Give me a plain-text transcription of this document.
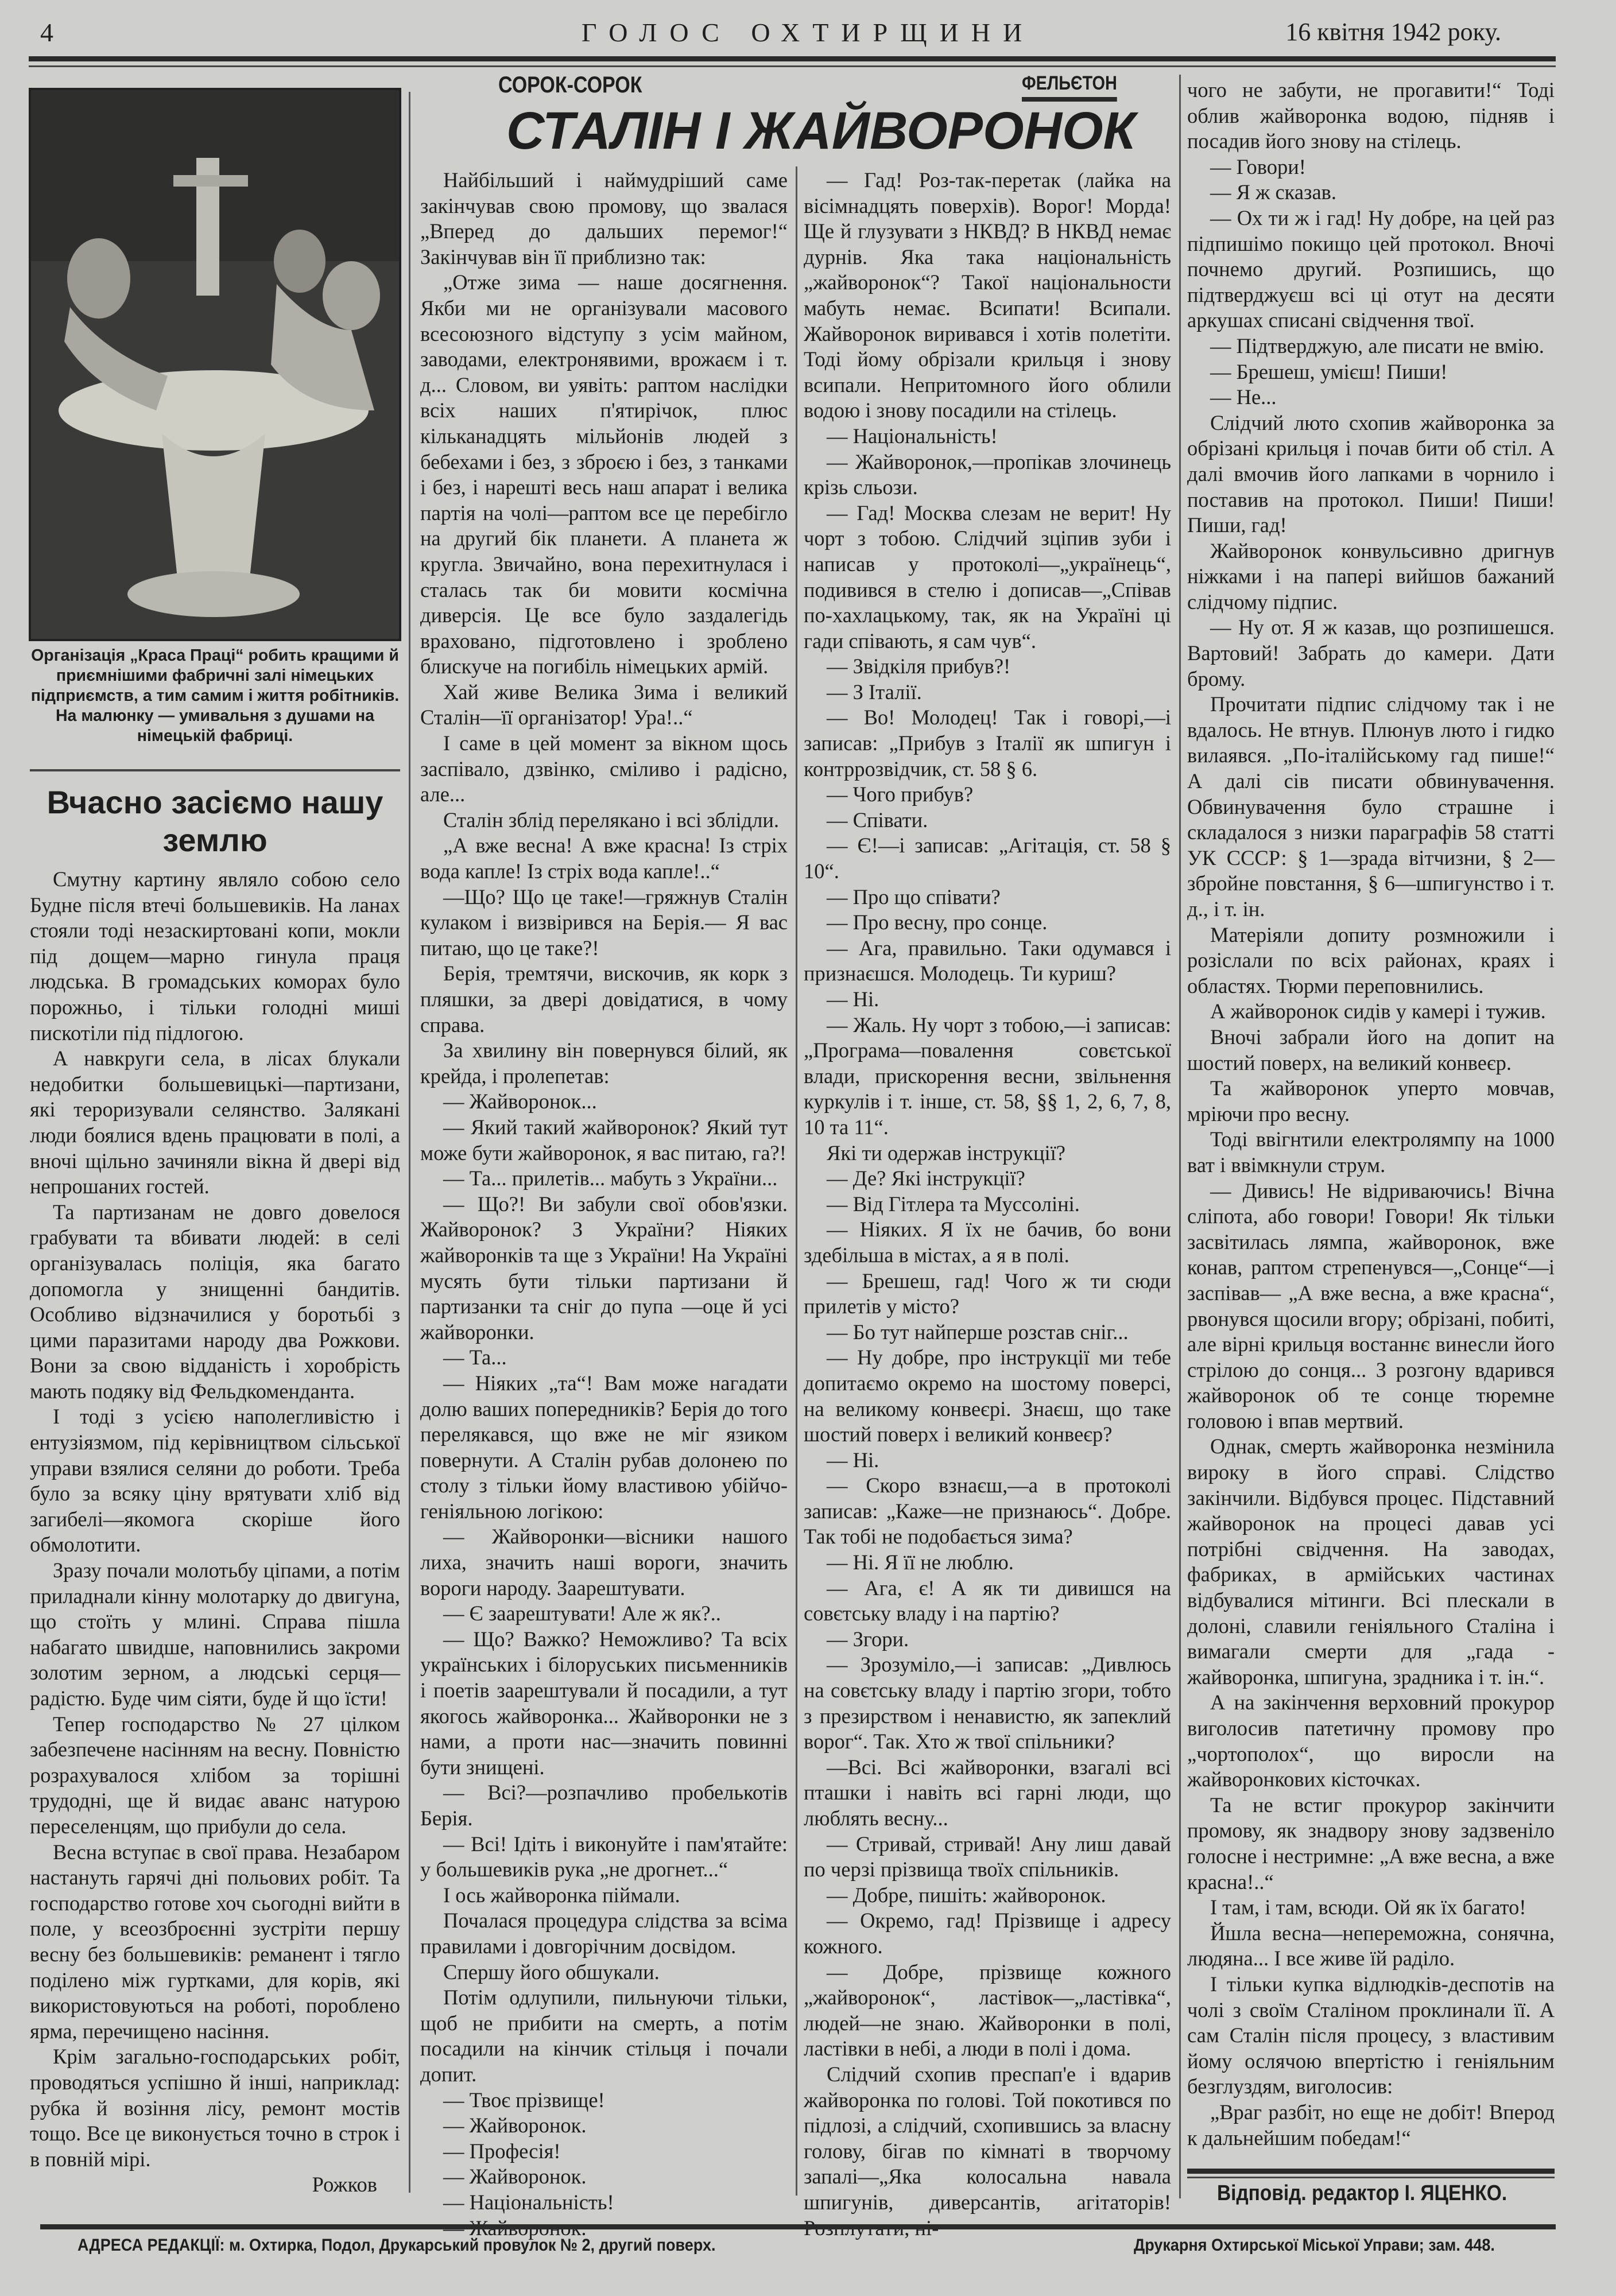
4	ГОЛОС ОХТИРЩИНИ	16 квітня 1942 року.
Організація „Краса Праці“ робить кращими й приємнішими фабричні залі німецьких підприємств, а тим самим і життя робітників. На малюнку — умивальня з душами на німецькій фабриці.
Вчасно засіємо нашу землю

Смутну картину являло собою село Будне після втечі большевиків. На ланах стояли тоді незаскиртовані копи, мокли під дощем—марно гинула праця людська. В громадських коморах було порожньо, і тільки голодні миші пискотіли під підлогою.

А навкруги села, в лісах блукали недобитки большевицькі—партизани, які тероризували селянство. Залякані люди боялися вдень працювати в полі, а вночі щільно зачиняли вікна й двері від непрошаних гостей.

Та партизанам не довго довелося грабувати та вбивати людей: в селі організувалась поліція, яка багато допомогла у знищенні бандитів. Особливо відзначилися у боротьбі з цими паразитами народу два Рожкови. Вони за свою відданість і хоробрість мають подяку від Фельдкоменданта.

І тоді з усією наполегливістю і ентузіязмом, під керівництвом сільської управи взялися селяни до роботи. Треба було за всяку ціну врятувати хліб від загибелі—якомога скоріше його обмолотити.

Зразу почали молотьбу ціпами, а потім приладнали кінну молотарку до двигуна, що стоїть у млині. Справа пішла набагато швидше, наповнились закроми золотим зерном, а людські серця—радістю. Буде чим сіяти, буде й що їсти!

Тепер господарство № 27 цілком забезпечене насінням на весну. Повністю розрахувалося хлібом за торішні трудодні, ще й видає аванс натурою переселенцям, що прибули до села.

Весна вступає в свої права. Незабаром настануть гарячі дні польових робіт. Та господарство готове хоч сьогодні вийти в поле, у всеозброєнні зустріти першу весну без большевиків: реманент і тягло поділено між гуртками, для корів, які використовуються на роботі, пороблено ярма, перечищено насіння.

Крім загально-господарських робіт, проводяться успішно й інші, наприклад: рубка й возіння лісу, ремонт мостів тощо. Все це виконується точно в строк і в повній мірі.

Рожков

СОРОК-СОРОК	ФЕЛЬЄТОН
СТАЛІН І ЖАЙВОРОНОК

Найбільший і наймудріший саме закінчував свою промову, що звалася „Вперед до дальших перемог!“ Закінчував він її приблизно так:

„Отже зима — наше досягнення. Якби ми не організували масового всесоюзного відступу з усім майном, заводами, електронявими, врожаєм і т. д... Словом, ви уявіть: раптом наслідки всіх наших п'ятирічок, плюс кільканадцять мільйонів людей з бебехами і без, з зброєю і без, з танками і без, і нарешті весь наш апарат і велика партія на чолі—раптом все це перебігло на другий бік планети. А планета ж кругла. Звичайно, вона перехитнулася і сталась так би мовити космічна диверсія. Це все було заздалегідь враховано, підготовлено і зроблено блискуче на погибіль німецьких армій.

Хай живе Велика Зима і великий Сталін—її організатор! Ура!..“

І саме в цей момент за вікном щось заспівало, дзвінко, сміливо і радісно, але...

Сталін зблід перелякано і всі зблідли.

„А вже весна! А вже красна! Із стріх вода капле! Із стріх вода капле!..“

—Що? Що це таке!—гряжнув Сталін кулаком і визвірився на Берія.— Я вас питаю, що це таке?!

Берія, тремтячи, вискочив, як корк з пляшки, за двері довідатися, в чому справа.

За хвилину він повернувся білий, як крейда, і пролепетав:

— Жайворонок...

— Який такий жайворонок? Який тут може бути жайворонок, я вас питаю, га?!

— Та... прилетів... мабуть з України...

— Що?! Ви забули свої обов'язки. Жайворонок? З України? Ніяких жайворонків та ще з України! На Україні мусять бути тільки партизани й партизанки та сніг до пупа —оце й усі жайворонки.

— Та...

— Ніяких „та“! Вам може нагадати долю ваших попередників? Берія до того перелякався, що вже не міг язиком повернути. А Сталін рубав долонею по столу з тільки йому властивою убійчо-геніяльною логікою:

— Жайворонки—вісники нашого лиха, значить наші вороги, значить вороги народу. Заарештувати.

— Є заарештувати! Але ж як?..

— Що? Важко? Неможливо? Та всіх українських і білоруських письменників і поетів заарештували й посадили, а тут якогось жайворонка... Жайворонки не з нами, а проти нас—значить повинні бути знищені.

— Всі?—розпачливо пробелькотів Берія.

— Всі! Ідіть і виконуйте і пам'ятайте: у большевиків рука „не дрогнет...“

І ось жайворонка піймали.

Почалася процедура слідства за всіма правилами і довгорічним досвідом.

Спершу його обшукали.

Потім одлупили, пильнуючи тільки, щоб не прибити на смерть, а потім посадили на кінчик стільця і почали допит.

— Твоє прізвище!

— Жайворонок.

— Професія!

— Жайворонок.

— Національність!

— Гад! Роз-так-перетак (лайка на вісімнадцять поверхів). Ворог! Морда! Ще й глузувати з НКВД? В НКВД немає дурнів. Яка така національність „жайворонок“? Такої національности мабуть немає. Всипати! Всипали. Жайворонок виривався і хотів полетіти. Тоді йому обрізали крильця і знову всипали. Непритомного його облили водою і знову посадили на стілець.

— Національність!

— Жайворонок,—пропікав злочинець крізь сльози.

— Гад! Москва слезам не верит! Ну чорт з тобою. Слідчий зціпив зуби і написав у протоколі—„українець“, подивився в стелю і дописав—„Співав по-хахлацькому, так, як на Україні ці гади співають, я сам чув“.

— Звідкіля прибув?!

— З Італії.

— Во! Молодец! Так і говорі,—і записав: „Прибув з Італії як шпигун і контррозвідчик, ст. 58 § 6.

— Чого прибув?

— Співати.

— Є!—і записав: „Агітація, ст. 58 § 10“.

— Про що співати?

— Про весну, про сонце.

— Ага, правильно. Таки одумався і признаєшся. Молодець. Ти куриш?

— Ні.

— Жаль. Ну чорт з тобою,—і записав: „Програма—повалення совєтської влади, прискорення весни, звільнення куркулів і т. інше, ст. 58, §§ 1, 2, 6, 7, 8, 10 та 11“.

Які ти одержав інструкції?

— Де? Які інструкції?

— Від Гітлера та Муссоліні.

— Ніяких. Я їх не бачив, бо вони здебільша в містах, а я в полі.

— Брешеш, гад! Чого ж ти сюди прилетів у місто?

— Бо тут найперше розстав сніг...

— Ну добре, про інструкції ми тебе допитаємо окремо на шостому поверсі, на великому конвеєрі. Знаєш, що таке шостий поверх і великий конвеєр?

— Ні.

— Скоро взнаєш,—а в протоколі записав: „Каже—не признаюсь“. Добре. Так тобі не подобається зима?

— Ні. Я її не люблю.

— Ага, є! А як ти дивишся на совєтську владу і на партію?

— Згори.

— Зрозуміло,—і записав: „Дивлюсь на совєтську владу і партію згори, тобто з презирством і ненавистю, як запеклий ворог“. Так. Хто ж твої спільники?

—Всі. Всі жайворонки, взагалі всі пташки і навіть всі гарні люди, що люблять весну...

— Стривай, стривай! Ану лиш давай по черзі прізвища твоїх спільників.

— Добре, пишіть: жайворонок.

— Окремо, гад! Прізвище і адресу кожного.

— Добре, прізвище кожного „жайворонок“, ластівок—„ластівка“, людей—не знаю. Жайворонки в полі, ластівки в небі, а люди в полі і дома.

Слідчий схопив преспап'е і вдарив жайворонка по голові. Той покотився по підлозі, а слідчий, схопившись за власну голову, бігав по кімнаті в творчому запалі—„Яка колосальна навала шпигунів, диверсантів, агітаторів!

чого не забути, не прогавити!“ Тоді облив жайворонка водою, підняв і посадив його знову на стілець.

— Говори!

— Я ж сказав.

— Ох ти ж і гад! Ну добре, на цей раз підпишімо покищо цей протокол. Вночі почнемо другий. Розпишись, що підтверджуєш всі ці отут на десяти аркушах списані свідчення твої.

— Підтверджую, але писати не вмію.

— Брешеш, умієш! Пиши!

— Не...

Слідчий люто схопив жайворонка за обрізані крильця і почав бити об стіл. А далі вмочив його лапками в чорнило і поставив на протокол. Пиши! Пиши! Пиши, гад!

Жайворонок конвульсивно дригнув ніжками і на папері вийшов бажаний слідчому підпис.

— Ну от. Я ж казав, що розпишешся. Вартовий! Забрать до камери. Дати брому.

Прочитати підпис слідчому так і не вдалось. Не втнув. Плюнув люто і гидко вилаявся. „По-італійському гад пише!“ А далі сів писати обвинувачення. Обвинувачення було страшне і складалося з низки параграфів 58 статті УК СССР: § 1—зрада вітчизни, § 2—збройне повстання, § 6—шпигунство і т. д., і т. ін.

Матеріяли допиту розмножили і розіслали по всіх районах, краях і областях. Тюрми переповнились.

А жайворонок сидів у камері і тужив.

Вночі забрали його на допит на шостий поверх, на великий конвеєр.

Та жайворонок уперто мовчав, мріючи про весну.

Тоді ввігнтили електролямпу на 1000 ват і ввімкнули струм.

— Дивись! Не відриваючись! Вічна сліпота, або говори! Говори! Як тільки засвітилась лямпа, жайворонок, вже конав, раптом стрепенувся—„Сонце“—і заспівав— „А вже весна, а вже красна“, рвонувся щосили вгору; обрізані, побиті, але вірні крильця востаннє винесли його стрілою до сонця... З розгону вдарився жайворонок об те сонце тюремне головою і впав мертвий.

Однак, смерть жайворонка незмінила вироку в його справі. Слідство закінчили. Відбувся процес. Підставний жайворонок на процесі давав усі потрібні свідчення. На заводах, фабриках, в армійських частинах відбувалися мітинги. Всі плескали в долоні, славили геніяльного Сталіна і вимагали смерти для „гада - жайворонка, шпигуна, зрадника і т. ін.“.

А на закінчення верховний прокурор виголосив патетичну промову про „чортополох“, що виросли на жайворонкових кісточках.

Та не встиг прокурор закінчити промову, як знадвору знову задзвеніло голосне і нестримне: „А вже весна, а вже красна!..“

І там, і там, всюди. Ой як їх багато!

Йшла весна—непереможна, сонячна, людяна... І все живе їй раділо.

І тільки купка відлюдків-деспотів на чолі з своїм Сталіном проклинали її. А сам Сталін після процесу, з властивим йому ослячою впертістю і геніяльним безглуздям, виголосив:

„Враг разбіт, но еще не добіт! Вперод к дальнейшим победам!“

Відповід. редактор І. ЯЦЕНКО.
АДРЕСА РЕДАКЦІЇ: м. Охтирка, Подол, Друкарський провулок № 2, другий поверх.	Друкарня Охтирської Міської Управи; зам. 448.
